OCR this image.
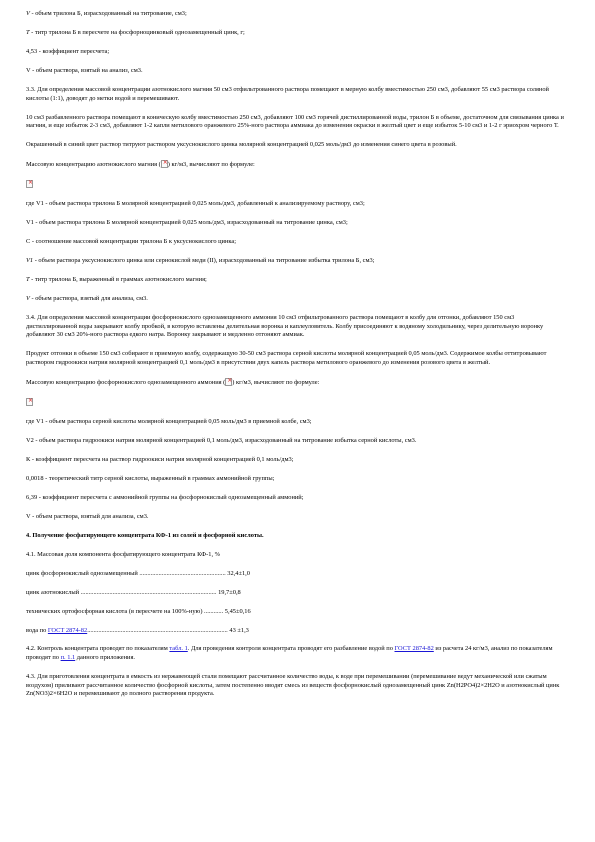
V - объем трилона Б, израсходованный на титрование, см3;

Т - титр трилона Б в пересчете на фосфорноцинковый однозамещенный цинк, г;

4,53 - коэффициент пересчета;

V - объем раствора, взятый на анализ, см3.

3.3. Для определения массовой концентрации азотнокислого магния 50 см3 отфильтрованного раствора помещают в мерную колбу вместимостью 250 см3, добавляют 55 см3 раствора соляной кислоты (1:1), доводят до метки водой и перемешивают.

10 см3 разбавленного раствора помещают в коническую колбу вместимостью 250 см3, добавляют 100 см3 горячей дистиллированной воды, трилон Б в объеме, достаточном для связывания цинка и магния, и еще избыток 2-3 см3, добавляют 1-2 капли метилового оранжевого 25%-ного раствора аммиака до изменения окраски в желтый цвет и еще избыток 5-10 см3 и 1-2 г эриохром черного Т.

Окрашенный в синий цвет раствор титруют раствором уксуснокислого цинка молярной концентрацией 0,025 моль/дм3 до изменения синего цвета в розовый.

Массовую концентрацию азотнокислого магния ( × ) кг/м3, вычисляют по формуле:

×

где V1 - объем раствора трилона Б молярной концентрацией 0,025 моль/дм3, добавленный к анализируемому раствору, см3;

V1 - объем раствора трилона Б молярной концентрацией 0,025 моль/дм3, израсходованный на титрование цинка, см3;

С - соотношение массовой концентрации трилона Б к уксуснокислого цинка;

V1 - объем раствора уксуснокислого цинка или сернокислой меди (II), израсходованный на титрование избытка трилона Б, см3;

Т - титр трилона Б, выраженный в граммах азотнокислого магния;

V - объем раствора, взятый для анализа, см3.

3.4. Для определения массовой концентрации фосфорнокислого однозамещенного аммония 10 см3 отфильтрованного раствора помещают в колбу для отгонки, добавляют 150 см3 дистиллированной воды закрывают колбу пробкой, в которую вставлены делительная воронка и каплеуловитель. Колбу присоединяют к водяному холодильнику, через делительную воронку добавляют 30 см3 20%-ного раствора едкого натра. Воронку закрывают и медленно отгоняют аммиак.

Продукт отгонки в объеме 150 см3 собирают в приемную колбу, содержащую 30-50 см3 раствора серной кислоты молярной концентрацией 0,05 моль/дм3. Содержимое колбы оттитровывают раствором гидроокиси натрия молярной концентрацией 0,1 моль/дм3 в присутствии двух капель раствора метилового оранжевого до изменения розового цвета в желтый.

Массовую концентрацию фосфорнокислого однозамещенного аммония ( × ) кг/м3, вычисляют по формуле:

×

где V1 - объем раствора серной кислоты молярной концентрацией 0,05 моль/дм3 в приемной колбе, см3;

V2 - объем раствора гидроокиси натрия молярной концентрацией 0,1 моль/дм3, израсходованный на титрование избытка серной кислоты, см3.

К - коэффициент пересчета на раствор гидроокиси натрия молярной концентрацией 0,1 моль/дм3;

0,0018 - теоретический титр серной кислоты, выраженный в граммах аммонийной группы;

6,39 - коэффициент пересчета с аммонийной группы на фосфорнокислый однозамещенный аммоний;

V - объем раствора, взятый для анализа, см3.

4. Получение фосфатирующего концентрата КФ-1 из солей и фосфорной кислоты.

4.1. Массовая доля компонента фосфатирующего концентрата КФ-1, %

цинк фосфорнокислый однозамещенный ...................................................... 32,4±1,0

цинк азотнокислый ..................................................................................... 19,7±0,8

технических ортофосфорная кислота (в пересчете на 100%-ную) ............ 5,45±0,16

вода по ГОСТ 2874-82........................................................................................ 43 ±1,3

4.2. Контроль концентрата проводят по показателям табл. 1. Для проведения контроля концентрата проводят его разбавление водой по ГОСТ 2874-82 из расчета 24 кг/м3, анализ по показателям проводят по п. 1.1 данного приложения.

4.3. Для приготовления концентрата в емкость из нержавеющей стали помещают рассчитанное количество воды, к воде при перемешивании (перемешивание ведут механической или сжатым воздухом) приливают рассчитанное количество фосфорной кислоты, затем постепенно вводят смесь из веществ фосфорнокислый однозамещенный цинк Zn(H2PO4)2×2H2O и азотнокислый цинк Zn(NO3)2×6H2O и перемешивают до полного растворения продукта.
